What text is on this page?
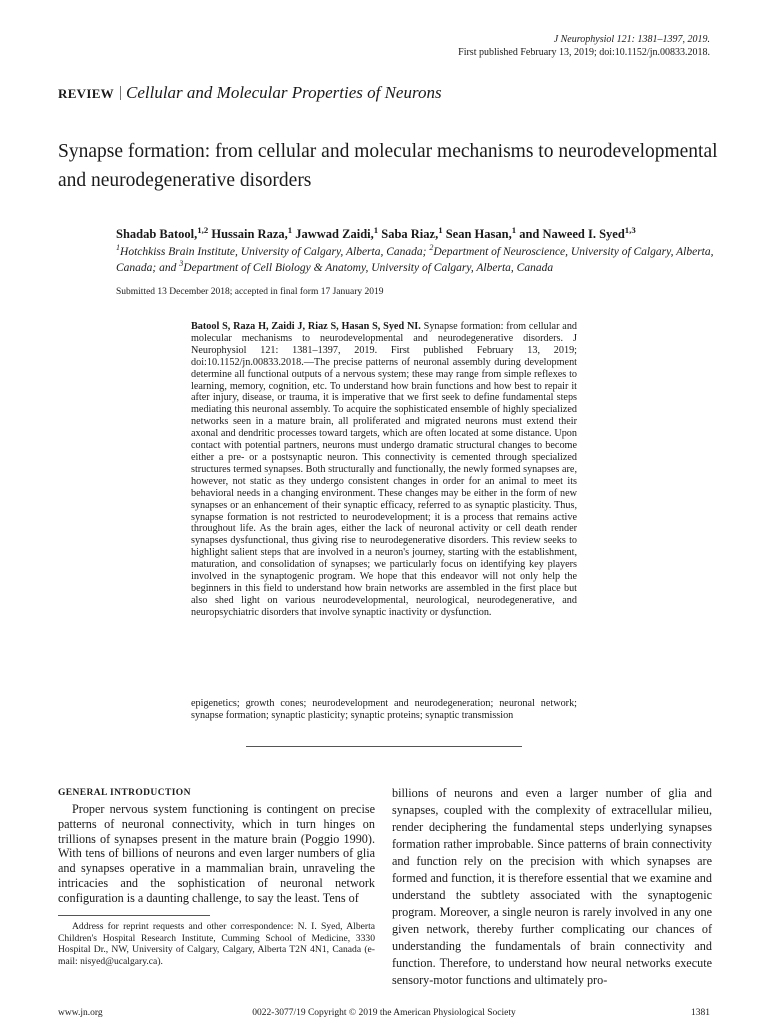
J Neurophysiol 121: 1381–1397, 2019.
First published February 13, 2019; doi:10.1152/jn.00833.2018.
REVIEW Cellular and Molecular Properties of Neurons
Synapse formation: from cellular and molecular mechanisms to neurodevelopmental and neurodegenerative disorders
Shadab Batool,$^{1,2}$ Hussain Raza,$^1$ Jawwad Zaidi,$^1$ Saba Riaz,$^1$ Sean Hasan,$^1$ and Naweed I. Syed$^{1,3}$
$^1$Hotchkiss Brain Institute, University of Calgary, Alberta, Canada; $^2$Department of Neuroscience, University of Calgary, Alberta, Canada; and $^3$Department of Cell Biology & Anatomy, University of Calgary, Alberta, Canada
Submitted 13 December 2018; accepted in final form 17 January 2019
Batool S, Raza H, Zaidi J, Riaz S, Hasan S, Syed NI. Synapse formation: from cellular and molecular mechanisms to neurodevelopmental and neurodegenerative disorders. J Neurophysiol 121: 1381–1397, 2019. First published February 13, 2019; doi:10.1152/jn.00833.2018.—The precise patterns of neuronal assembly during development determine all functional outputs of a nervous system; these may range from simple reflexes to learning, memory, cognition, etc. To understand how brain functions and how best to repair it after injury, disease, or trauma, it is imperative that we first seek to define fundamental steps mediating this neuronal assembly. To acquire the sophisticated ensemble of highly specialized networks seen in a mature brain, all proliferated and migrated neurons must extend their axonal and dendritic processes toward targets, which are often located at some distance. Upon contact with potential partners, neurons must undergo dramatic structural changes to become either a pre- or a postsynaptic neuron. This connectivity is cemented through specialized structures termed synapses. Both structurally and functionally, the newly formed synapses are, however, not static as they undergo consistent changes in order for an animal to meet its behavioral needs in a changing environment. These changes may be either in the form of new synapses or an enhancement of their synaptic efficacy, referred to as synaptic plasticity. Thus, synapse formation is not restricted to neurodevelopment; it is a process that remains active throughout life. As the brain ages, either the lack of neuronal activity or cell death render synapses dysfunctional, thus giving rise to neurodegenerative disorders. This review seeks to highlight salient steps that are involved in a neuron's journey, starting with the establishment, maturation, and consolidation of synapses; we particularly focus on identifying key players involved in the synaptogenic program. We hope that this endeavor will not only help the beginners in this field to understand how brain networks are assembled in the first place but also shed light on various neurodevelopmental, neurological, neurodegenerative, and neuropsychiatric disorders that involve synaptic inactivity or dysfunction.
epigenetics; growth cones; neurodevelopment and neurodegeneration; neuronal network; synapse formation; synaptic plasticity; synaptic proteins; synaptic transmission
GENERAL INTRODUCTION
Proper nervous system functioning is contingent on precise patterns of neuronal connectivity, which in turn hinges on trillions of synapses present in the mature brain (Poggio 1990). With tens of billions of neurons and even larger numbers of glia and synapses operative in a mammalian brain, unraveling the intricacies and the sophistication of neuronal network configuration is a daunting challenge, to say the least. Tens of
billions of neurons and even a larger number of glia and synapses, coupled with the complexity of extracellular milieu, render deciphering the fundamental steps underlying synapses formation rather improbable. Since patterns of brain connectivity and function rely on the precision with which synapses are formed and function, it is therefore essential that we examine and understand the subtlety associated with the synaptogenic program. Moreover, a single neuron is rarely involved in any one given network, thereby further complicating our chances of understanding the fundamentals of brain connectivity and function. Therefore, to understand how neural networks execute sensory-motor functions and ultimately pro-
Address for reprint requests and other correspondence: N. I. Syed, Alberta Children's Hospital Research Institute, Cumming School of Medicine, 3330 Hospital Dr., NW, University of Calgary, Calgary, Alberta T2N 4N1, Canada (e-mail: nisyed@ucalgary.ca).
www.jn.org	0022-3077/19 Copyright © 2019 the American Physiological Society	1381
